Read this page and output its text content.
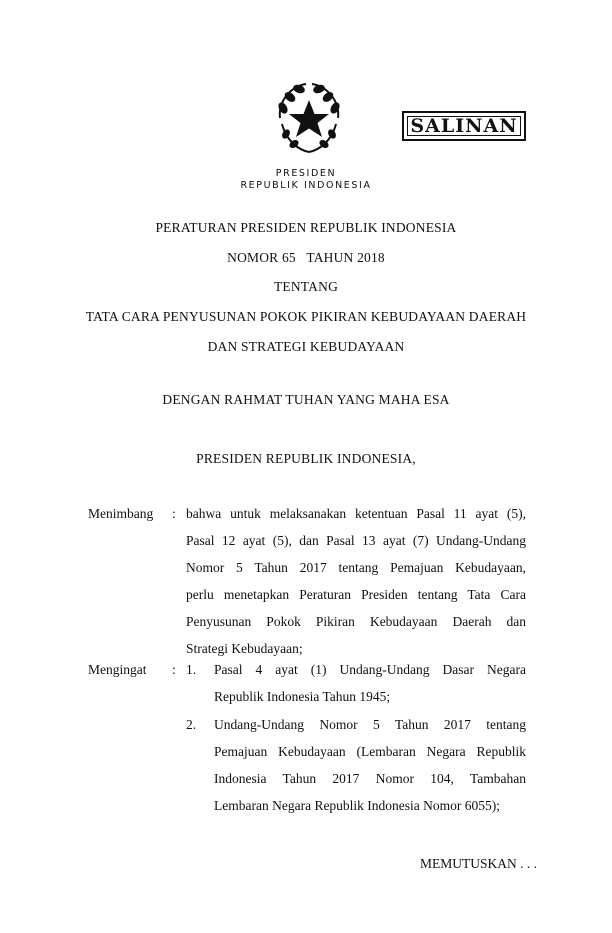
SALINAN
PRESIDEN
REPUBLIK INDONESIA
PERATURAN PRESIDEN REPUBLIK INDONESIA
NOMOR 65   TAHUN 2018
TENTANG
TATA CARA PENYUSUNAN POKOK PIKIRAN KEBUDAYAAN DAERAH
DAN STRATEGI KEBUDAYAAN
DENGAN RAHMAT TUHAN YANG MAHA ESA
PRESIDEN REPUBLIK INDONESIA,
Menimbang : bahwa untuk melaksanakan ketentuan Pasal 11 ayat (5),
Pasal 12 ayat (5), dan Pasal 13 ayat (7) Undang-Undang
Nomor 5 Tahun 2017 tentang Pemajuan Kebudayaan,
perlu menetapkan Peraturan Presiden tentang Tata Cara
Penyusunan Pokok Pikiran Kebudayaan Daerah dan
Strategi Kebudayaan;
Mengingat : 1. Pasal 4 ayat (1) Undang-Undang Dasar Negara
Republik Indonesia Tahun 1945;
2. Undang-Undang Nomor 5 Tahun 2017 tentang
Pemajuan Kebudayaan (Lembaran Negara Republik
Indonesia Tahun 2017 Nomor 104, Tambahan
Lembaran Negara Republik Indonesia Nomor 6055);
MEMUTUSKAN . . .
